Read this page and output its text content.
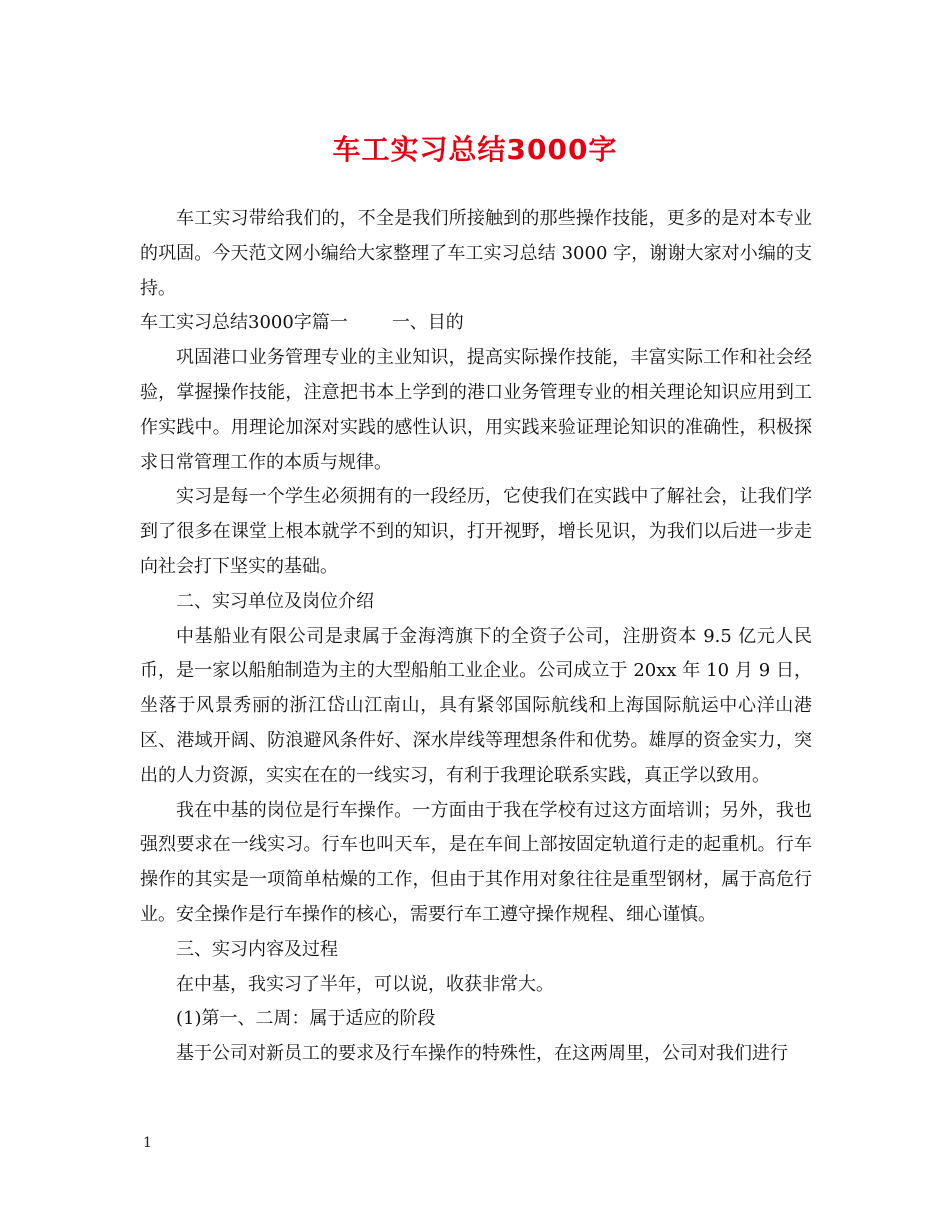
车工实习总结3000字

车工实习带给我们的，不全是我们所接触到的那些操作技能，更多的是对本专业的巩固。今天范文网小编给大家整理了车工实习总结 3000 字，谢谢大家对小编的支持。

车工实习总结3000字篇一 一、目的

巩固港口业务管理专业的主业知识，提高实际操作技能，丰富实际工作和社会经验，掌握操作技能，注意把书本上学到的港口业务管理专业的相关理论知识应用到工作实践中。用理论加深对实践的感性认识，用实践来验证理论知识的准确性，积极探求日常管理工作的本质与规律。

实习是每一个学生必须拥有的一段经历，它使我们在实践中了解社会，让我们学到了很多在课堂上根本就学不到的知识，打开视野，增长见识，为我们以后进一步走向社会打下坚实的基础。

二、实习单位及岗位介绍

中基船业有限公司是隶属于金海湾旗下的全资子公司，注册资本 9.5 亿元人民币，是一家以船舶制造为主的大型船舶工业企业。公司成立于 20xx 年 10 月 9 日，坐落于风景秀丽的浙江岱山江南山，具有紧邻国际航线和上海国际航运中心洋山港区、港域开阔、防浪避风条件好、深水岸线等理想条件和优势。雄厚的资金实力，突出的人力资源，实实在在的一线实习，有利于我理论联系实践，真正学以致用。

我在中基的岗位是行车操作。一方面由于我在学校有过这方面培训；另外，我也强烈要求在一线实习。行车也叫天车，是在车间上部按固定轨道行走的起重机。行车操作的其实是一项简单枯燥的工作，但由于其作用对象往往是重型钢材，属于高危行业。安全操作是行车操作的核心，需要行车工遵守操作规程、细心谨慎。

三、实习内容及过程

在中基，我实习了半年，可以说，收获非常大。

(1)第一、二周：属于适应的阶段

基于公司对新员工的要求及行车操作的特殊性，在这两周里，公司对我们进行

1
